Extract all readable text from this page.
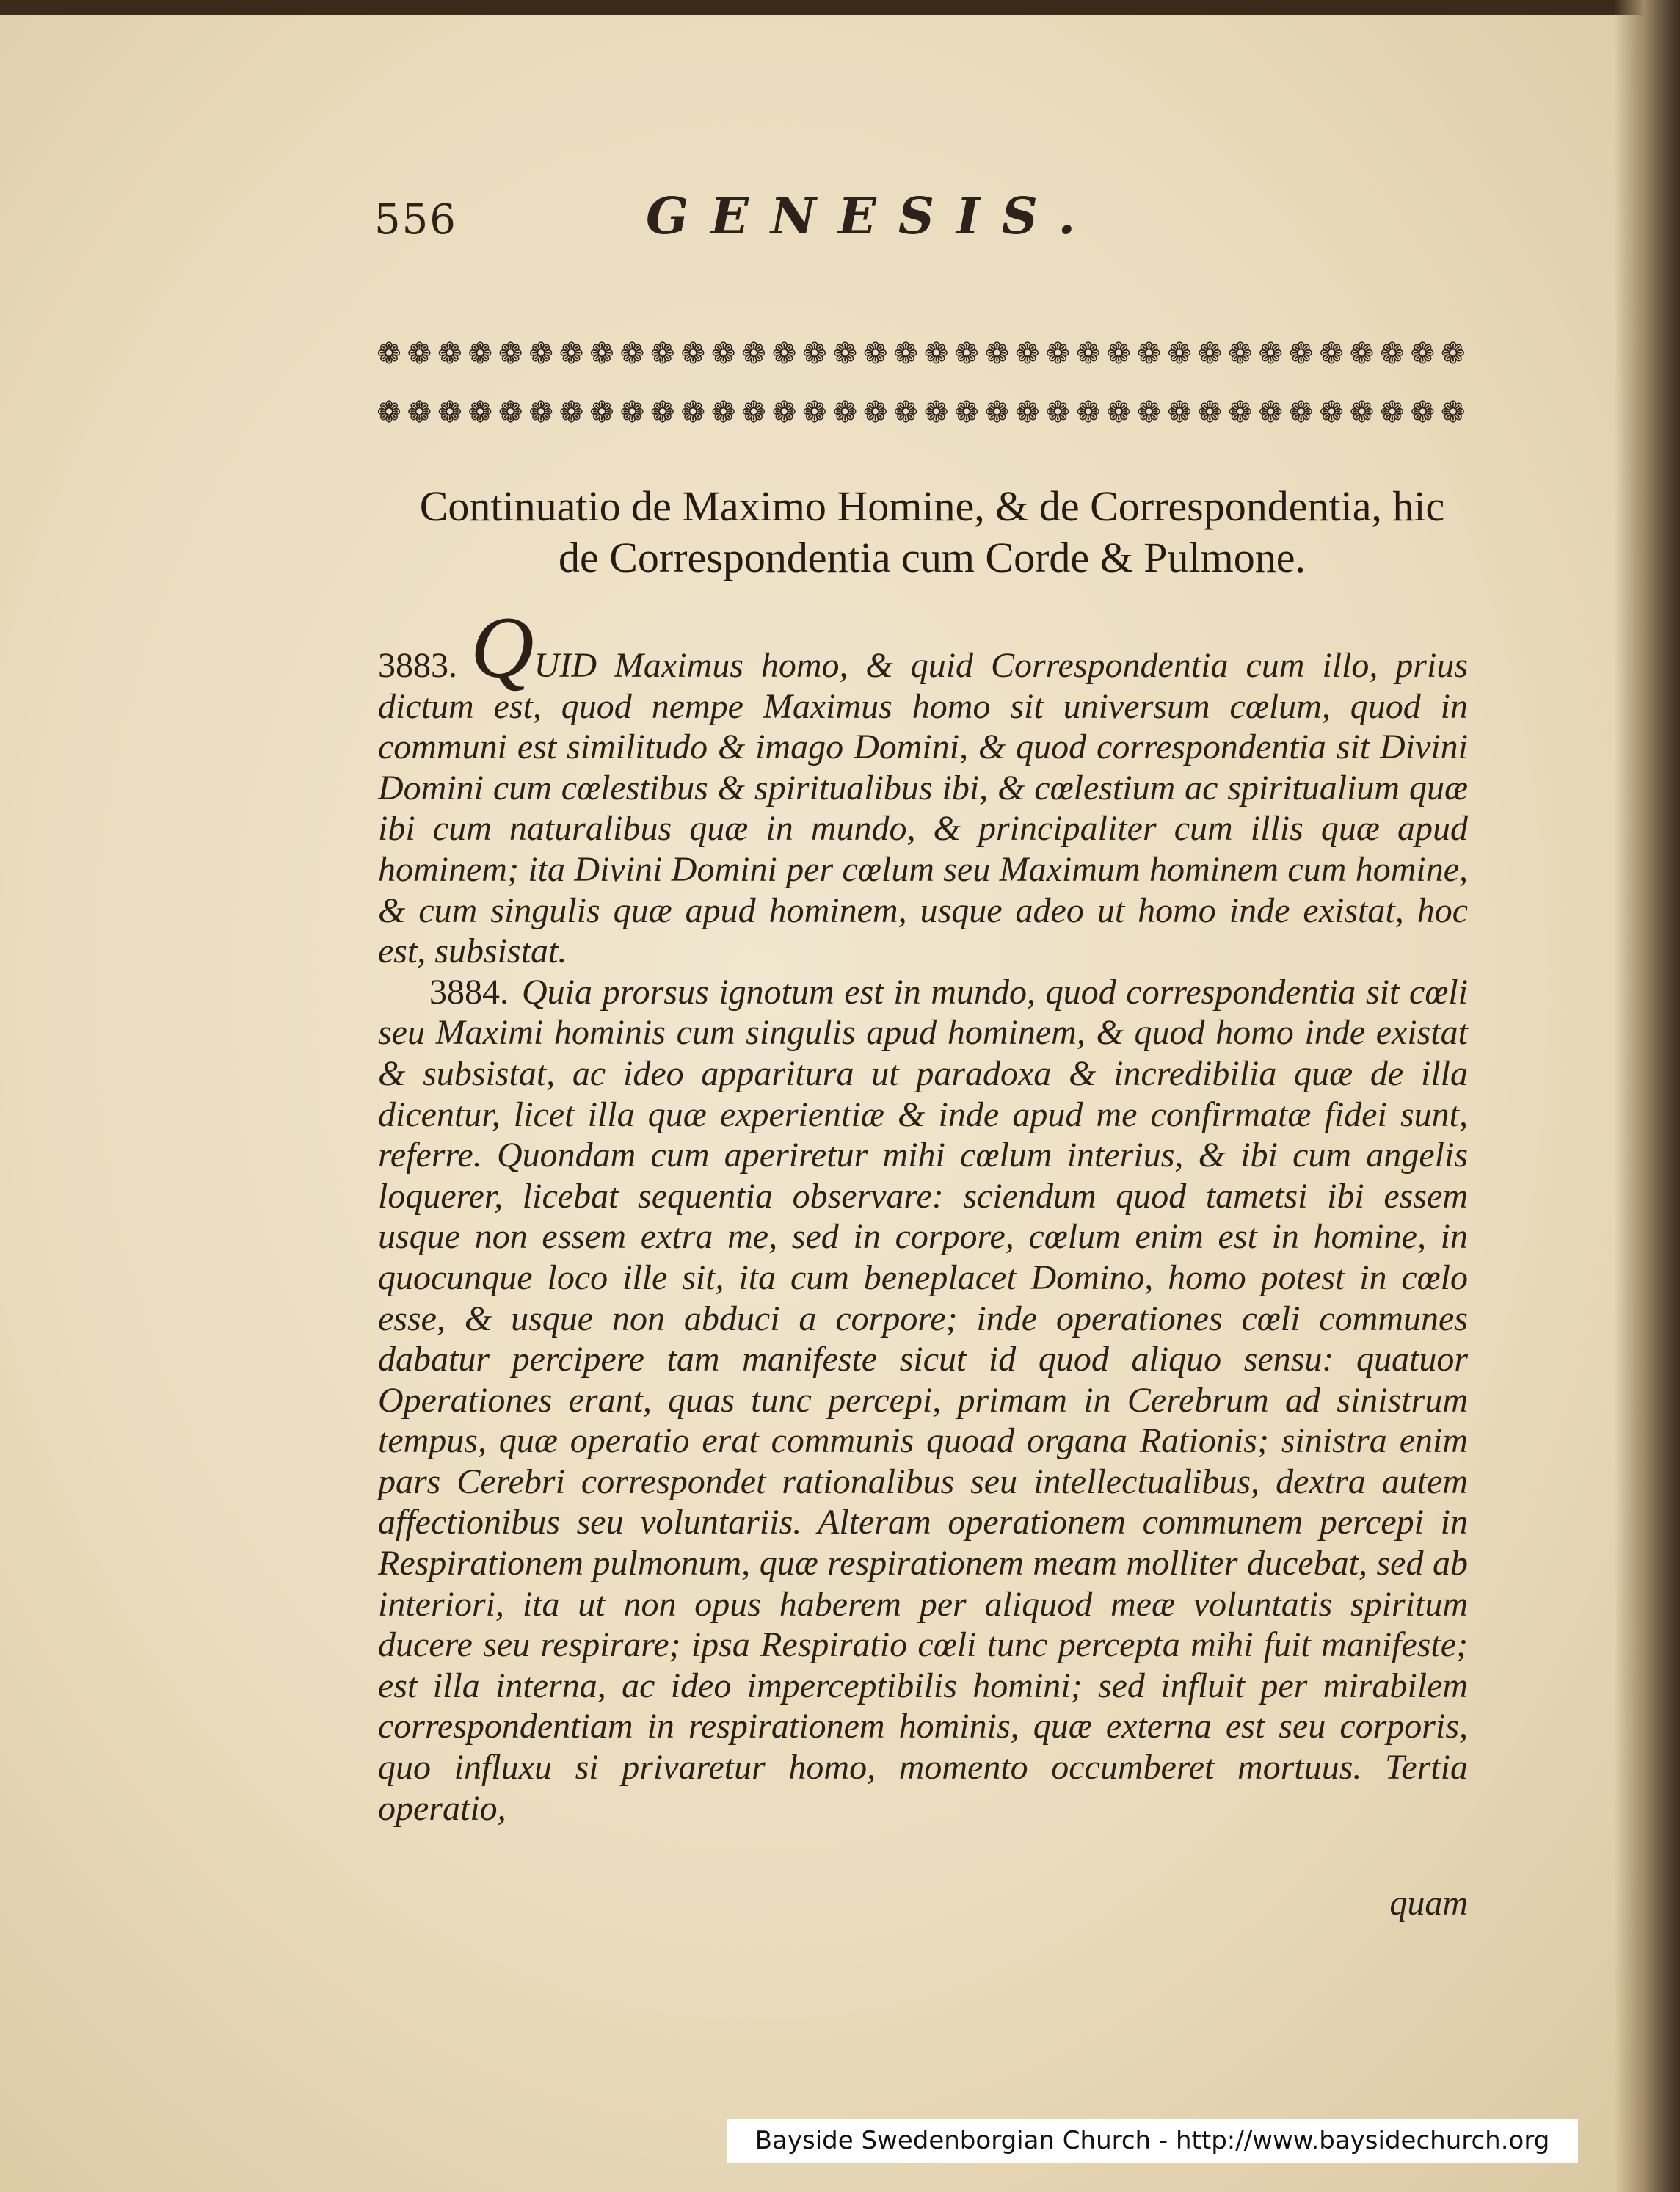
556	GENESIS.
❁ ❁ ❁ ❁ ❁ ❁ ❁ ❁ ❁ ❁ ❁ ❁ ❁ ❁ ❁ ❁ ❁ ❁ ❁ ❁ ❁ ❁ ❁ ❁ ❁ ❁ ❁ ❁ ❁ ❁ ❁ ❁ ❁ ❁ ❁ ❁
❁ ❁ ❁ ❁ ❁ ❁ ❁ ❁ ❁ ❁ ❁ ❁ ❁ ❁ ❁ ❁ ❁ ❁ ❁ ❁ ❁ ❁ ❁ ❁ ❁ ❁ ❁ ❁ ❁ ❁ ❁ ❁ ❁ ❁ ❁ ❁
Continuatio de Maximo Homine, & de Correspondentia, hic de Correspondentia cum Corde & Pulmone.

3883. QUID Maximus homo, & quid Correspondentia cum illo, prius dictum est, quod nempe Maximus homo sit universum cœlum, quod in communi est similitudo & imago Domini, & quod correspondentia sit Divini Domini cum cœlestibus & spiritualibus ibi, & cœlestium ac spiritualium quæ ibi cum naturalibus quæ in mundo, & principaliter cum illis quæ apud hominem; ita Divini Domini per cœlum seu Maximum hominem cum homine, & cum singulis quæ apud hominem, usque adeo ut homo inde existat, hoc est, subsistat.

3884. Quia prorsus ignotum est in mundo, quod correspondentia sit cœli seu Maximi hominis cum singulis apud hominem, & quod homo inde existat & subsistat, ac ideo apparitura ut paradoxa & incredibilia quæ de illa dicentur, licet illa quæ experientiæ & inde apud me confirmatæ fidei sunt, referre. Quondam cum aperiretur mihi cœlum interius, & ibi cum angelis loquerer, licebat sequentia observare: sciendum quod tametsi ibi essem usque non essem extra me, sed in corpore, cœlum enim est in homine, in quocunque loco ille sit, ita cum beneplacet Domino, homo potest in cœlo esse, & usque non abduci a corpore; inde operationes cœli communes dabatur percipere tam manifeste sicut id quod aliquo sensu: quatuor Operationes erant, quas tunc percepi, primam in Cerebrum ad sinistrum tempus, quæ operatio erat communis quoad organa Rationis; sinistra enim pars Cerebri correspondet rationalibus seu intellectualibus, dextra autem affectionibus seu voluntariis. Alteram operationem communem percepi in Respirationem pulmonum, quæ respirationem meam molliter ducebat, sed ab interiori, ita ut non opus haberem per aliquod meæ voluntatis spiritum ducere seu respirare; ipsa Respiratio cœli tunc percepta mihi fuit manifeste; est illa interna, ac ideo imperceptibilis homini; sed influit per mirabilem correspondentiam in respirationem hominis, quæ externa est seu corporis, quo influxu si privaretur homo, momento occumberet mortuus. Tertia operatio,

quam
Bayside Swedenborgian Church - http://www.baysidechurch.org
